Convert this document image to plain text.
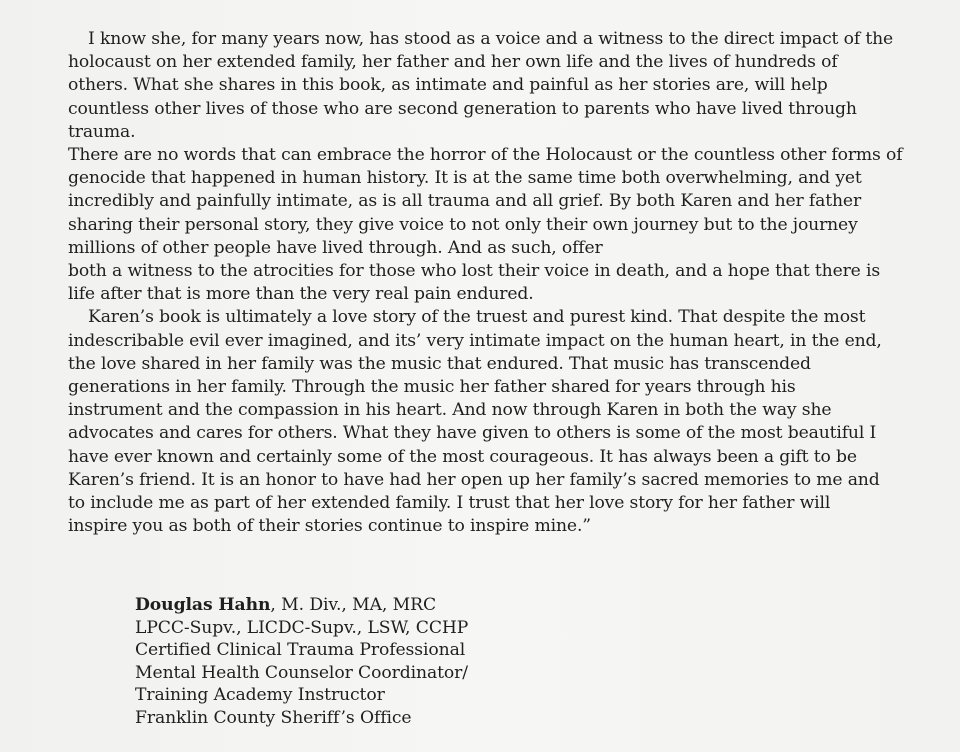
I know she, for many years now, has stood as a voice and a witness to the direct impact of the
holocaust on her extended family, her father and her own life and the lives of hundreds of
others. What she shares in this book, as intimate and painful as her stories are, will help
countless other lives of those who are second generation to parents who have lived through
trauma.
There are no words that can embrace the horror of the Holocaust or the countless other forms of
genocide that happened in human history. It is at the same time both overwhelming, and yet
incredibly and painfully intimate, as is all trauma and all grief. By both Karen and her father
sharing their personal story, they give voice to not only their own journey but to the journey
millions of other people have lived through. And as such, offer
both a witness to the atrocities for those who lost their voice in death, and a hope that there is
life after that is more than the very real pain endured.
Karen’s book is ultimately a love story of the truest and purest kind. That despite the most
indescribable evil ever imagined, and its’ very intimate impact on the human heart, in the end,
the love shared in her family was the music that endured. That music has transcended
generations in her family. Through the music her father shared for years through his
instrument and the compassion in his heart. And now through Karen in both the way she
advocates and cares for others. What they have given to others is some of the most beautiful I
have ever known and certainly some of the most courageous. It has always been a gift to be
Karen’s friend. It is an honor to have had her open up her family’s sacred memories to me and
to include me as part of her extended family. I trust that her love story for her father will
inspire you as both of their stories continue to inspire mine.”
Douglas Hahn, M. Div., MA, MRC
LPCC-Supv., LICDC-Supv., LSW, CCHP
Certified Clinical Trauma Professional
Mental Health Counselor Coordinator/
Training Academy Instructor
Franklin County Sheriff’s Office
